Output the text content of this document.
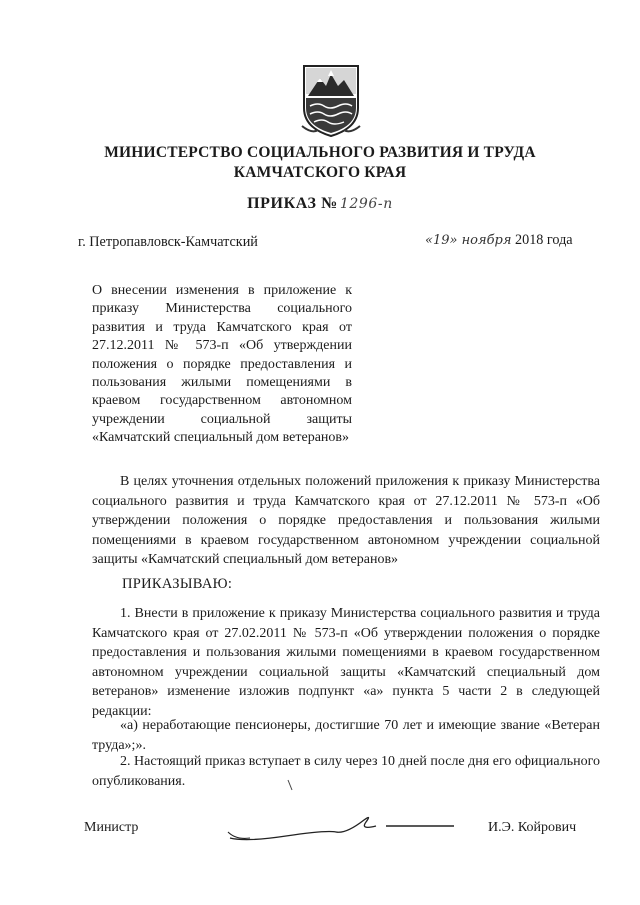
МИНИСТЕРСТВО СОЦИАЛЬНОГО РАЗВИТИЯ И ТРУДА
КАМЧАТСКОГО КРАЯ
ПРИКАЗ № 1296-п
г. Петропавловск-Камчатский	«19» ноября 2018 года
О внесении изменения в приложение к приказу Министерства социального развития и труда Камчатского края от 27.12.2011 № 573-п «Об утверждении положения о порядке предоставления и пользования жилыми помещениями в краевом государственном автономном учреждении социальной защиты «Камчатский специальный дом ветеранов»
В целях уточнения отдельных положений приложения к приказу Министерства социального развития и труда Камчатского края от 27.12.2011 № 573-п «Об утверждении положения о порядке предоставления и пользования жилыми помещениями в краевом государственном автономном учреждении социальной защиты «Камчатский специальный дом ветеранов»
ПРИКАЗЫВАЮ:
1. Внести в приложение к приказу Министерства социального развития и труда Камчатского края от 27.02.2011 № 573-п «Об утверждении положения о порядке предоставления и пользования жилыми помещениями в краевом государственном автономном учреждении социальной защиты «Камчатский специальный дом ветеранов» изменение изложив подпункт «а» пункта 5 части 2 в следующей редакции:
«а) неработающие пенсионеры, достигшие 70 лет и имеющие звание «Ветеран труда»;».
2. Настоящий приказ вступает в силу через 10 дней после дня его официального опубликования.
Министр	И.Э. Койрович
